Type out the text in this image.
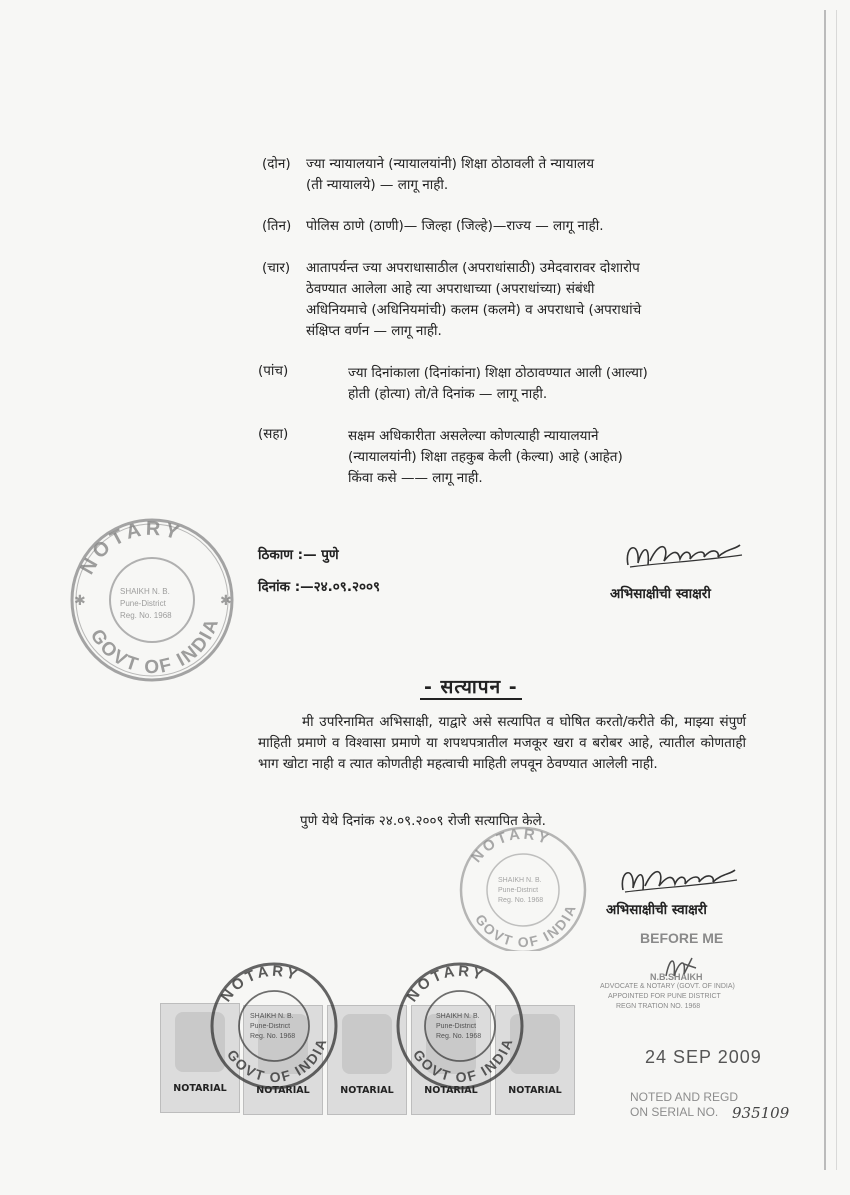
(दोन) ज्या न्यायालयाने (न्यायालयांनी) शिक्षा ठोठावली ते न्यायालय
(ती न्यायालये) — लागू नाही.
(तिन) पोलिस ठाणे (ठाणी)— जिल्हा (जिल्हे)—राज्य — लागू नाही.
(चार) आतापर्यन्त ज्या अपराधासाठील (अपराधांसाठी) उमेदवारावर दोशारोप
ठेवण्यात आलेला आहे त्या अपराधाच्या (अपराधांच्या) संबंधी
अधिनियमाचे (अधिनियमांची) कलम (कलमे) व अपराधाचे (अपराधांचे
संक्षिप्त वर्णन — लागू नाही.
(पांच)	ज्या दिनांकाला (दिनांकांना) शिक्षा ठोठावण्यात आली (आल्या)
होती (होत्या) तो/ते दिनांक — लागू नाही.
(सहा)	सक्षम अधिकारीता असलेल्या कोणत्याही न्यायालयाने
(न्यायालयांनी) शिक्षा तहकुब केली (केल्या) आहे (आहेत)
किंवा कसे —— लागू नाही.
NOTARY
GOVT OF INDIA
SHAIKH N. B.
Pune-District
Reg. No. 1968
✱	✱
ठिकाण :— पुणे
दिनांक :—२४.०९.२००९	अभिसाक्षीची स्वाक्षरी
- सत्यापन -
मी उपरिनामित अभिसाक्षी, याद्वारे असे सत्यापित व घोषित करतो/करीते की, माझ्या संपुर्ण माहिती प्रमाणे व विश्वासा प्रमाणे या शपथपत्रातील मजकूर खरा व बरोबर आहे, त्यातील कोणताही भाग खोटा नाही व त्यात कोणतीही महत्वाची माहिती लपवून ठेवण्यात आलेली नाही.
पुणे येथे दिनांक २४.०९.२००९ रोजी सत्यापित केले.
NOTARY
GOVT OF INDIA
SHAIKH N. B.
Pune-District
Reg. No. 1968
अभिसाक्षीची स्वाक्षरी
BEFORE ME
N.B.SHAIKH
ADVOCATE & NOTARY (GOVT. OF INDIA)
APPOINTED FOR PUNE DISTRICT
REGN TRATION NO. 1968
24 SEP 2009
NOTED AND REGD
ON SERIAL NO. 935109
NOTARIAL	NOTARIAL	NOTARIAL	NOTARIAL	NOTARIAL
NOTARY
GOVT OF INDIA
SHAIKH N. B.
Pune-District
Reg. No. 1968
NOTARY
GOVT OF INDIA
SHAIKH N. B.
Pune-District
Reg. No. 1968
